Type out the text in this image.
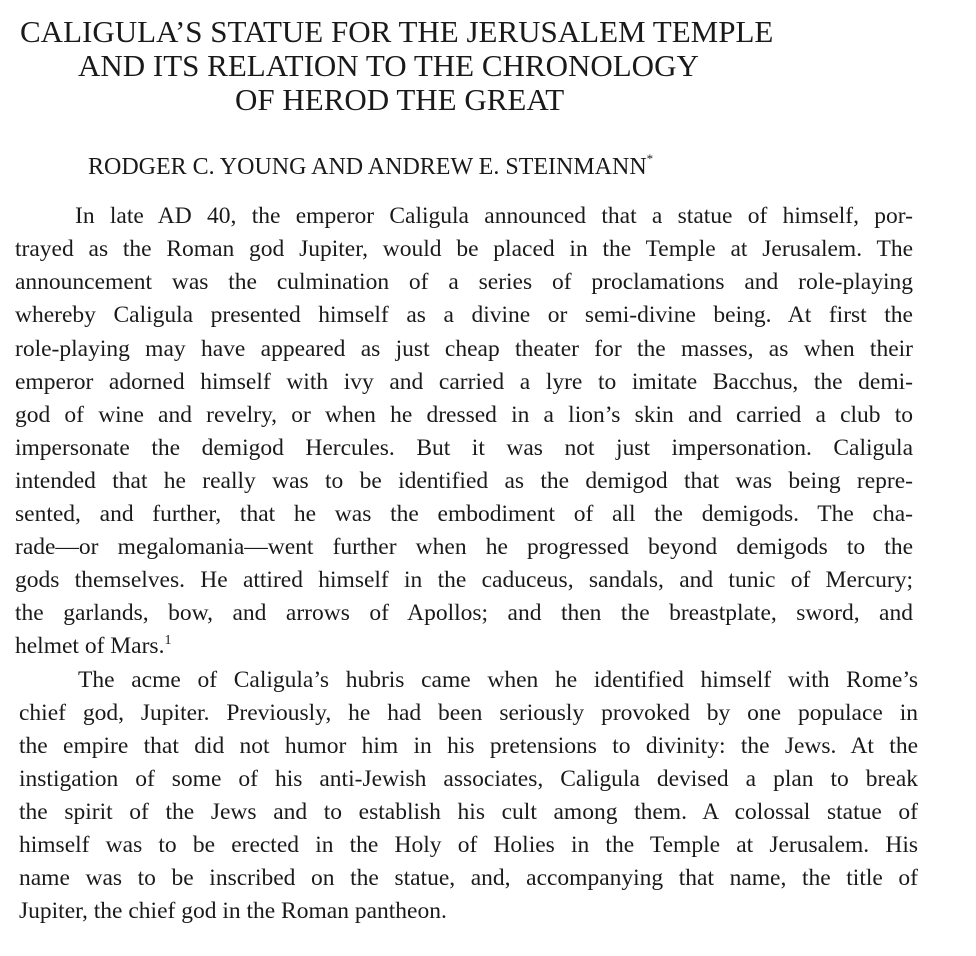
CALIGULA’S STATUE FOR THE JERUSALEM TEMPLE
AND ITS RELATION TO THE CHRONOLOGY
OF HEROD THE GREAT

RODGER C. YOUNG AND ANDREW E. STEINMANN*

In late AD 40, the emperor Caligula announced that a statue of himself, por-
trayed as the Roman god Jupiter, would be placed in the Temple at Jerusalem. The
announcement was the culmination of a series of proclamations and role-playing
whereby Caligula presented himself as a divine or semi-divine being. At first the
role-playing may have appeared as just cheap theater for the masses, as when their
emperor adorned himself with ivy and carried a lyre to imitate Bacchus, the demi-
god of wine and revelry, or when he dressed in a lion’s skin and carried a club to
impersonate the demigod Hercules. But it was not just impersonation. Caligula
intended that he really was to be identified as the demigod that was being repre-
sented, and further, that he was the embodiment of all the demigods. The cha-
rade—or megalomania—went further when he progressed beyond demigods to the
gods themselves. He attired himself in the caduceus, sandals, and tunic of Mercury;
the garlands, bow, and arrows of Apollos; and then the breastplate, sword, and
helmet of Mars.$^1$
The acme of Caligula’s hubris came when he identified himself with Rome’s
chief god, Jupiter. Previously, he had been seriously provoked by one populace in
the empire that did not humor him in his pretensions to divinity: the Jews. At the
instigation of some of his anti-Jewish associates, Caligula devised a plan to break
the spirit of the Jews and to establish his cult among them. A colossal statue of
himself was to be erected in the Holy of Holies in the Temple at Jerusalem. His
name was to be inscribed on the statue, and, accompanying that name, the title of
Jupiter, the chief god in the Roman pantheon.
